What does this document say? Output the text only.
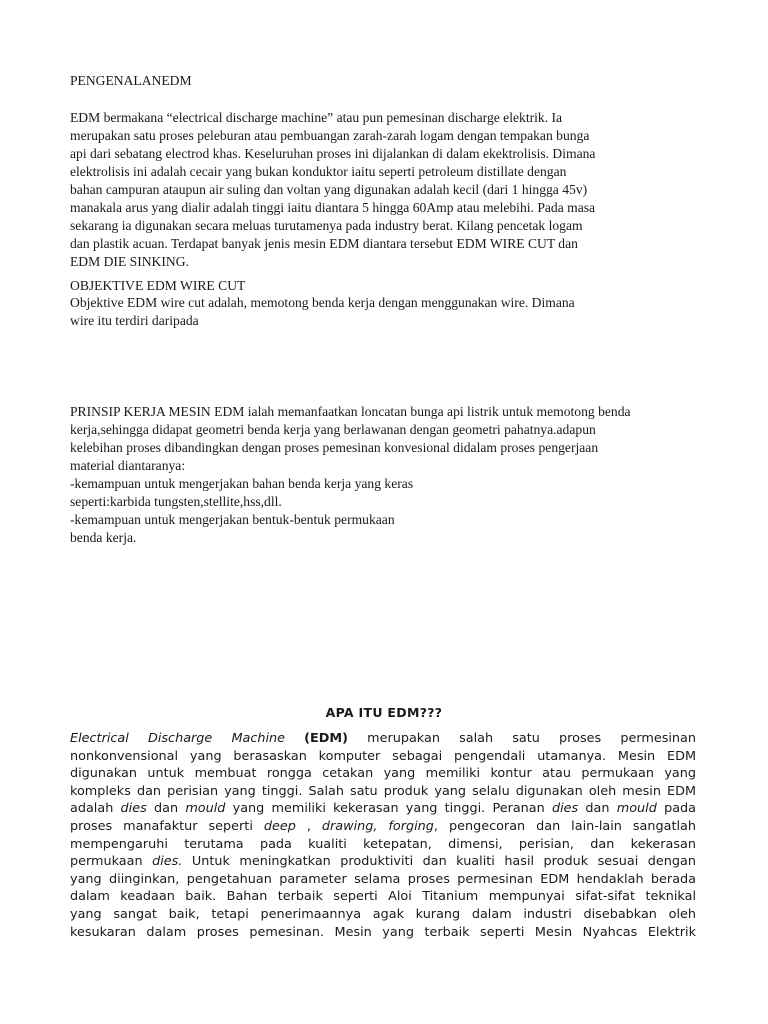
PENGENALANEDM
EDM bermakana “electrical discharge machine” atau pun pemesinan discharge elektrik. Ia
merupakan satu proses peleburan atau pembuangan zarah-zarah logam dengan tempakan bunga
api dari sebatang electrod khas. Keseluruhan proses ini dijalankan di dalam ekektrolisis. Dimana
elektrolisis ini adalah cecair yang bukan konduktor iaitu seperti petroleum distillate dengan
bahan campuran ataupun air suling dan voltan yang digunakan adalah kecil (dari 1 hingga 45v)
manakala arus yang dialir adalah tinggi iaitu diantara 5 hingga 60Amp atau melebihi. Pada masa
sekarang ia digunakan secara meluas turutamenya pada industry berat. Kilang pencetak logam
dan plastik acuan. Terdapat banyak jenis mesin EDM diantara tersebut EDM WIRE CUT dan
EDM DIE SINKING.
OBJEKTIVE EDM WIRE CUT
Objektive EDM wire cut adalah, memotong benda kerja dengan menggunakan wire. Dimana
wire itu terdiri daripada
PRINSIP KERJA MESIN EDM ialah memanfaatkan loncatan bunga api listrik untuk memotong benda
kerja,sehingga didapat geometri benda kerja yang berlawanan dengan geometri pahatnya.adapun
kelebihan proses dibandingkan dengan proses pemesinan konvesional didalam proses pengerjaan
material diantaranya:
-kemampuan untuk mengerjakan bahan benda kerja yang keras
seperti:karbida tungsten,stellite,hss,dll.
-kemampuan untuk mengerjakan bentuk-bentuk permukaan
benda kerja.
APA ITU EDM???
Electrical Discharge Machine (EDM) merupakan salah satu proses permesinan
nonkonvensional yang berasaskan komputer sebagai pengendali utamanya. Mesin EDM
digunakan untuk membuat rongga cetakan yang memiliki kontur atau permukaan yang
kompleks dan perisian yang tinggi. Salah satu produk yang selalu digunakan oleh mesin EDM
adalah dies dan mould yang memiliki kekerasan yang tinggi. Peranan dies dan mould pada
proses manafaktur seperti deep , drawing, forging, pengecoran dan lain-lain sangatlah
mempengaruhi terutama pada kualiti ketepatan, dimensi, perisian, dan kekerasan
permukaan dies. Untuk meningkatkan produktiviti dan kualiti hasil produk sesuai dengan
yang diinginkan, pengetahuan parameter selama proses permesinan EDM hendaklah berada
dalam keadaan baik. Bahan terbaik seperti Aloi Titanium mempunyai sifat-sifat teknikal
yang sangat baik, tetapi penerimaannya agak kurang dalam industri disebabkan oleh
kesukaran dalam proses pemesinan. Mesin yang terbaik seperti Mesin Nyahcas Elektrik
